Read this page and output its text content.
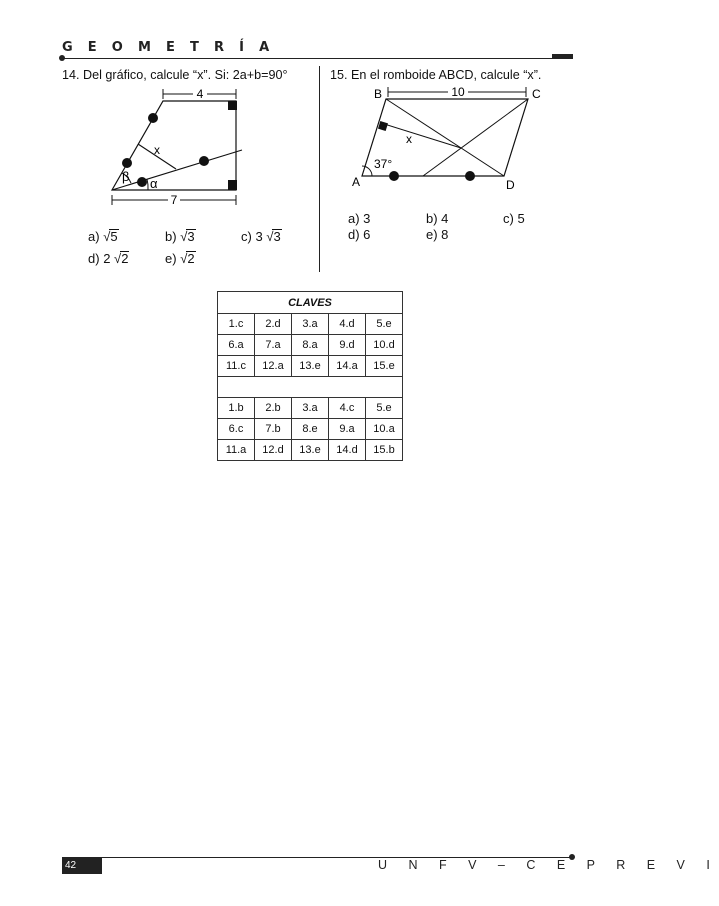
G E O M E T R Í A
14. Del gráfico, calcule “x”. Si: 2a+b=90°
4
x
β α
7
a) √5	b) √3	c) 3 √3
d) 2 √2	e) √2
15. En el romboide ABCD, calcule “x”.
10
B	C
A	D
x
37°
a) 3	b) 4	c) 5
d) 6	e) 8
CLAVES				
1.c	2.d	3.a	4.d	5.e
6.a	7.a	8.a	9.d	10.d
11.c	12.a	13.e	14.a	15.e

1.b	2.b	3.a	4.c	5.e
6.c	7.b	8.e	9.a	10.a
11.a	12.d	13.e	14.d	15.b
42	U N F V – C E P R E V I
